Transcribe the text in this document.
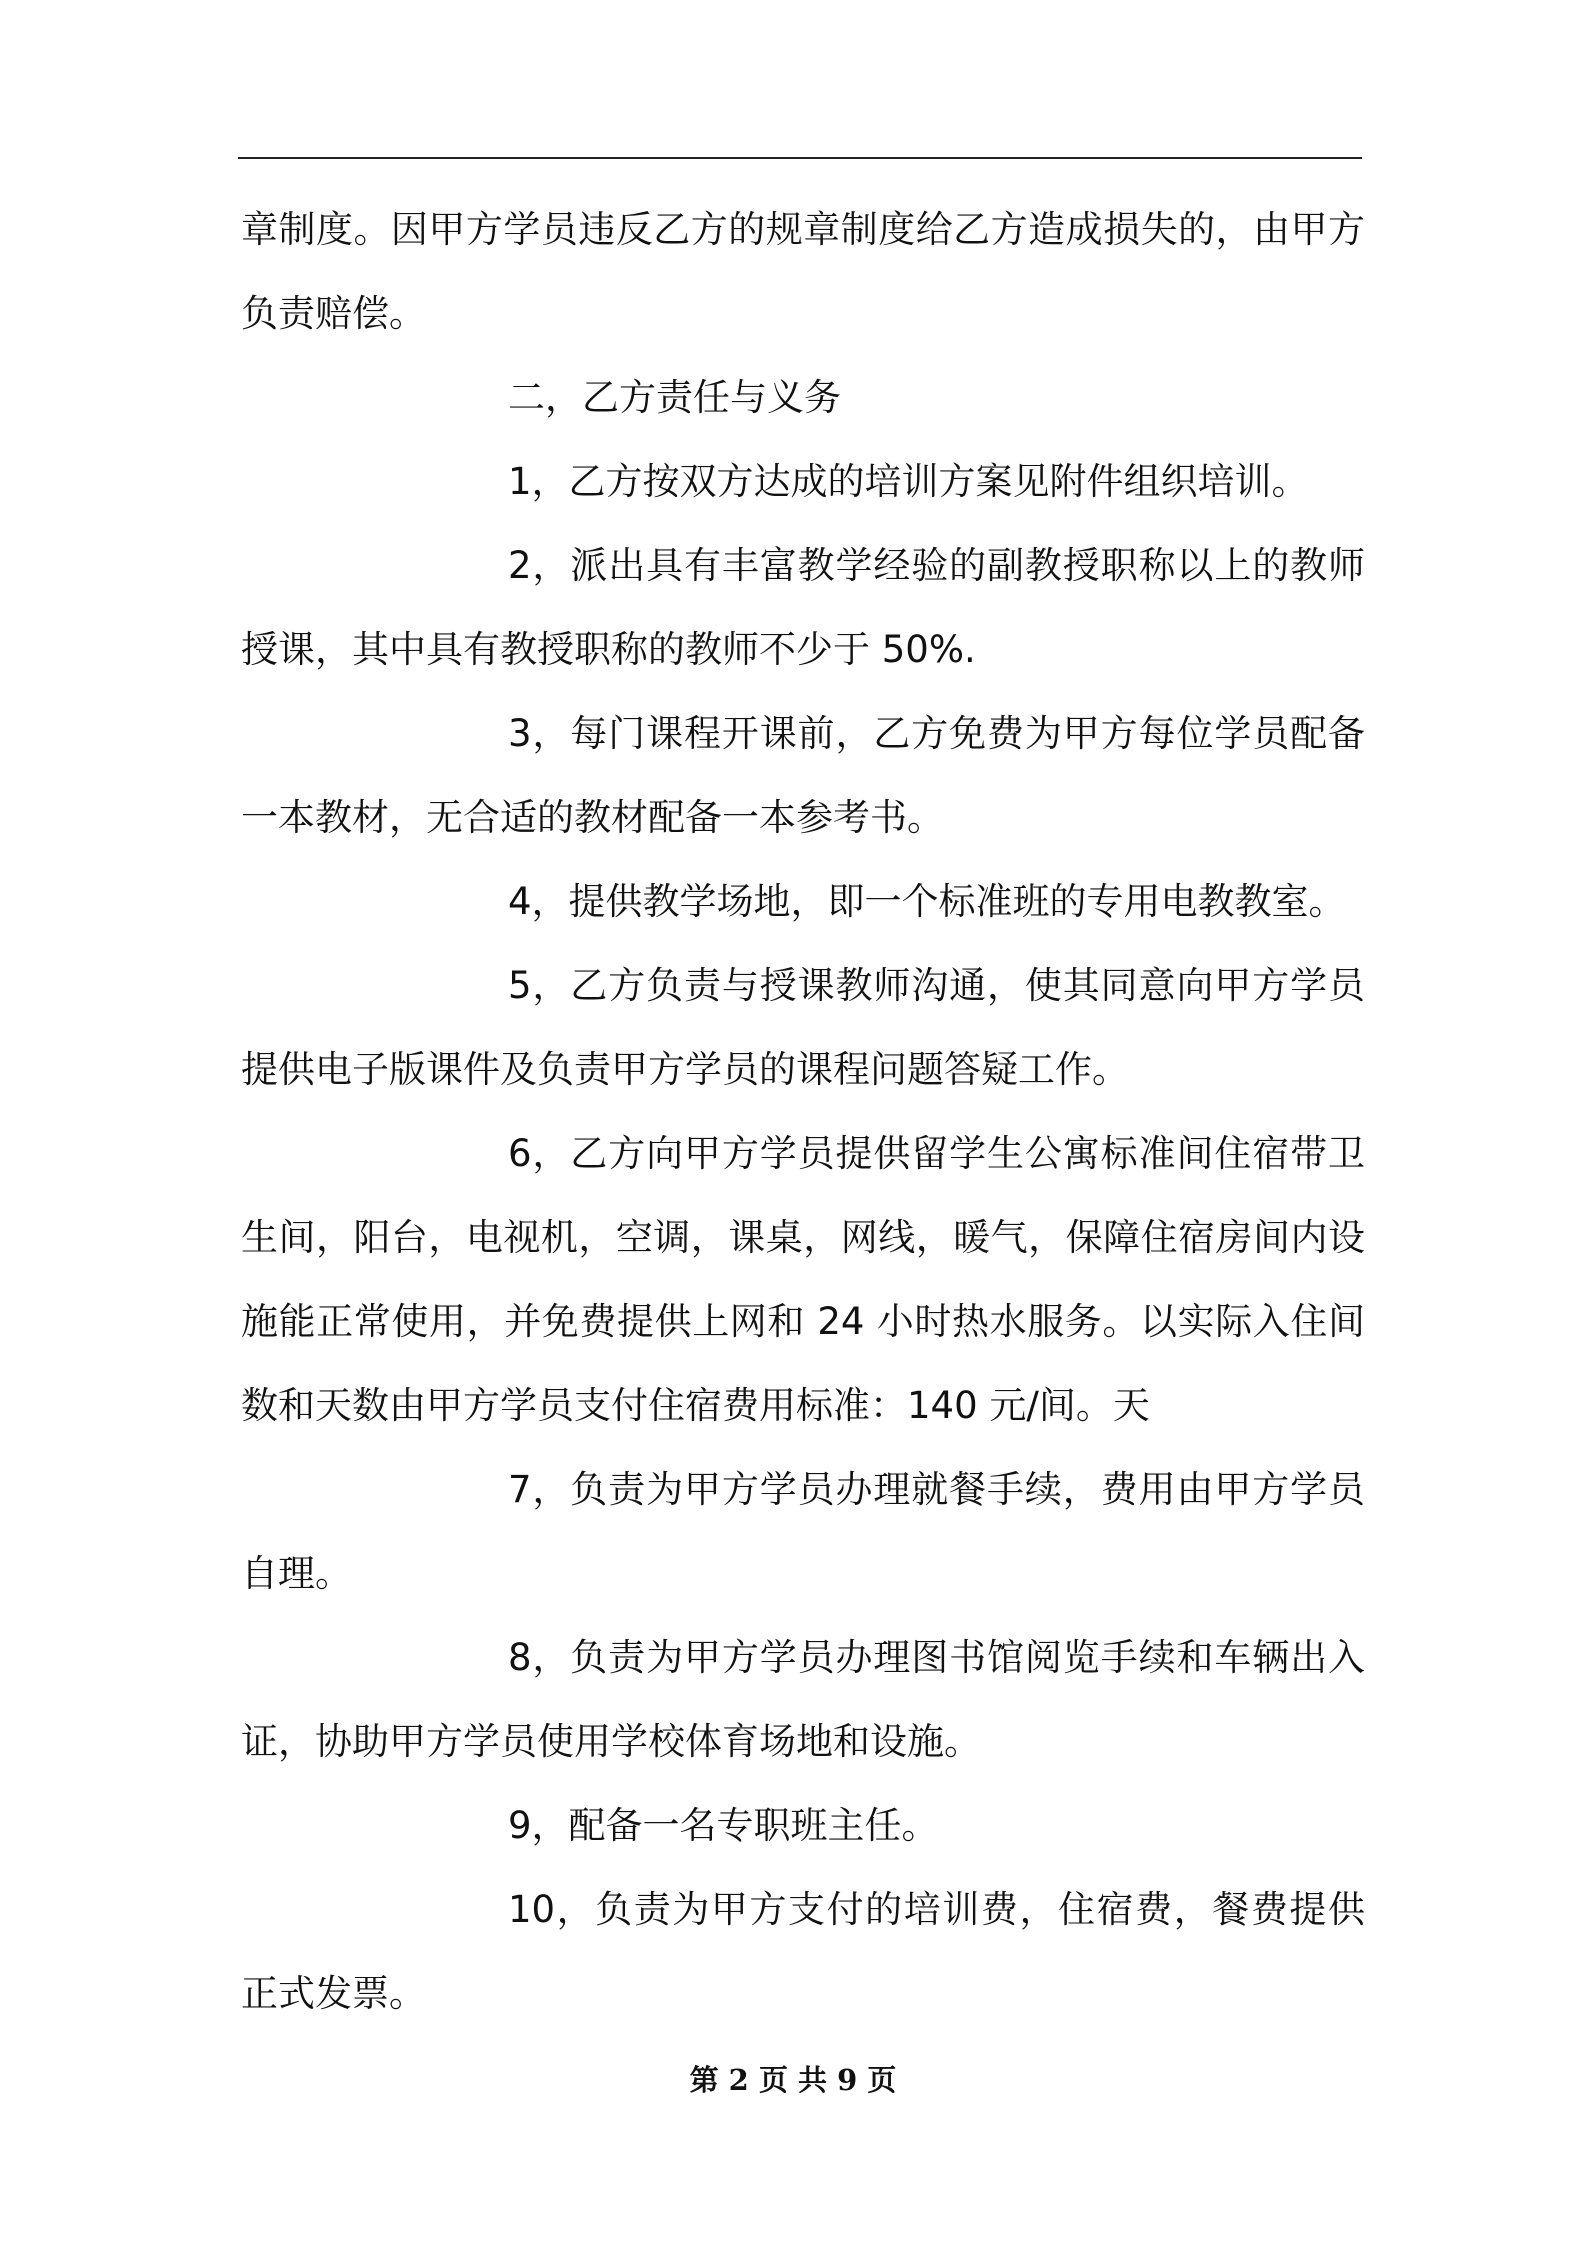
章制度。因甲方学员违反乙方的规章制度给乙方造成损失的，由甲方负责赔偿。

二，乙方责任与义务

1，乙方按双方达成的培训方案见附件组织培训。

2，派出具有丰富教学经验的副教授职称以上的教师授课，其中具有教授职称的教师不少于 50%.

3，每门课程开课前，乙方免费为甲方每位学员配备一本教材，无合适的教材配备一本参考书。

4，提供教学场地，即一个标准班的专用电教教室。

5，乙方负责与授课教师沟通，使其同意向甲方学员提供电子版课件及负责甲方学员的课程问题答疑工作。

6，乙方向甲方学员提供留学生公寓标准间住宿带卫生间，阳台，电视机，空调，课桌，网线，暖气，保障住宿房间内设施能正常使用，并免费提供上网和 24 小时热水服务。以实际入住间数和天数由甲方学员支付住宿费用标准：140 元/间。天

7，负责为甲方学员办理就餐手续，费用由甲方学员自理。

8，负责为甲方学员办理图书馆阅览手续和车辆出入证，协助甲方学员使用学校体育场地和设施。

9，配备一名专职班主任。

10，负责为甲方支付的培训费，住宿费，餐费提供正式发票。

第 2 页 共 9 页
